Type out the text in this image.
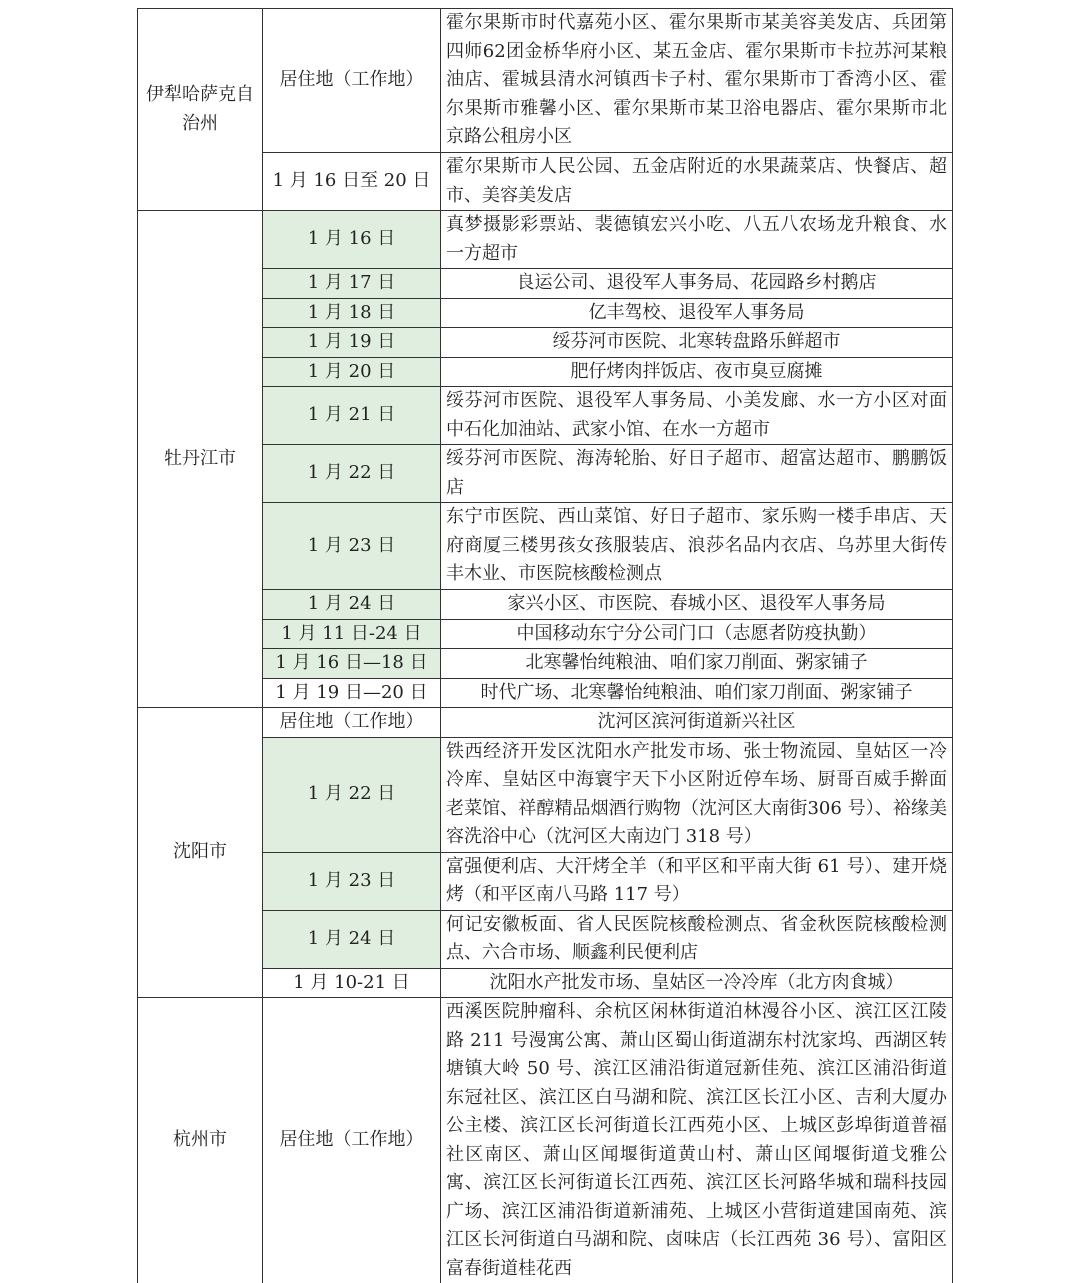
伊犁哈萨克自治州	居住地（工作地）	霍尔果斯市时代嘉苑小区、霍尔果斯市某美容美发店、兵团第四师62团金桥华府小区、某五金店、霍尔果斯市卡拉苏河某粮油店、霍城县清水河镇西卡子村、霍尔果斯市丁香湾小区、霍尔果斯市雅馨小区、霍尔果斯市某卫浴电器店、霍尔果斯市北京路公租房小区
	1 月 16 日至 20 日	霍尔果斯市人民公园、五金店附近的水果蔬菜店、快餐店、超市、美容美发店
牡丹江市	1 月 16 日	真梦摄影彩票站、裴德镇宏兴小吃、八五八农场龙升粮食、水一方超市
	1 月 17 日	良运公司、退役军人事务局、花园路乡村鹅店
	1 月 18 日	亿丰驾校、退役军人事务局
	1 月 19 日	绥芬河市医院、北寒转盘路乐鲜超市
	1 月 20 日	肥仔烤肉拌饭店、夜市臭豆腐摊
	1 月 21 日	绥芬河市医院、退役军人事务局、小美发廊、水一方小区对面中石化加油站、武家小馆、在水一方超市
	1 月 22 日	绥芬河市医院、海涛轮胎、好日子超市、超富达超市、鹏鹏饭店
	1 月 23 日	东宁市医院、西山菜馆、好日子超市、家乐购一楼手串店、天府商厦三楼男孩女孩服装店、浪莎名品内衣店、乌苏里大街传丰木业、市医院核酸检测点
	1 月 24 日	家兴小区、市医院、春城小区、退役军人事务局
	1 月 11 日-24 日	中国移动东宁分公司门口（志愿者防疫执勤）
	1 月 16 日—18 日	北寒馨怡纯粮油、咱们家刀削面、粥家铺子
	1 月 19 日—20 日	时代广场、北寒馨怡纯粮油、咱们家刀削面、粥家铺子
沈阳市	居住地（工作地）	沈河区滨河街道新兴社区
	1 月 22 日	铁西经济开发区沈阳水产批发市场、张士物流园、皇姑区一冷冷库、皇姑区中海寰宇天下小区附近停车场、厨哥百威手擀面老菜馆、祥醇精品烟酒行购物（沈河区大南街306 号）、裕缘美容洗浴中心（沈河区大南边门 318 号）
	1 月 23 日	富强便利店、大汗烤全羊（和平区和平南大街 61 号）、建开烧烤（和平区南八马路 117 号）
	1 月 24 日	何记安徽板面、省人民医院核酸检测点、省金秋医院核酸检测点、六合市场、顺鑫利民便利店
	1 月 10-21 日	沈阳水产批发市场、皇姑区一冷冷库（北方肉食城）
杭州市	居住地（工作地）	西溪医院肿瘤科、余杭区闲林街道泊林漫谷小区、滨江区江陵路 211 号漫寓公寓、萧山区蜀山街道湖东村沈家坞、西湖区转塘镇大岭 50 号、滨江区浦沿街道冠新佳苑、滨江区浦沿街道东冠社区、滨江区白马湖和院、滨江区长江小区、吉利大厦办公主楼、滨江区长河街道长江西苑小区、上城区彭埠街道普福社区南区、萧山区闻堰街道黄山村、萧山区闻堰街道戈雅公寓、滨江区长河街道长江西苑、滨江区长河路华城和瑞科技园广场、滨江区浦沿街道新浦苑、上城区小营街道建国南苑、滨江区长河街道白马湖和院、卤味店（长江西苑 36 号）、富阳区富春街道桂花西
